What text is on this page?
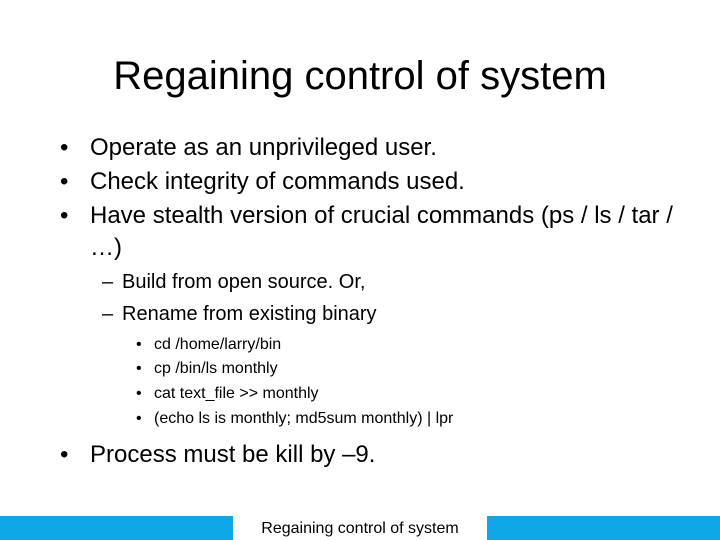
Regaining control of system
• Operate as an unprivileged user.
• Check integrity of commands used.
• Have stealth version of crucial commands (ps / ls / tar / …)
– Build from open source. Or,
– Rename from existing binary
• cd /home/larry/bin
• cp /bin/ls monthly
• cat text_file >> monthly
• (echo ls is monthly; md5sum monthly) | lpr
• Process must be kill by –9.
Regaining control of system
